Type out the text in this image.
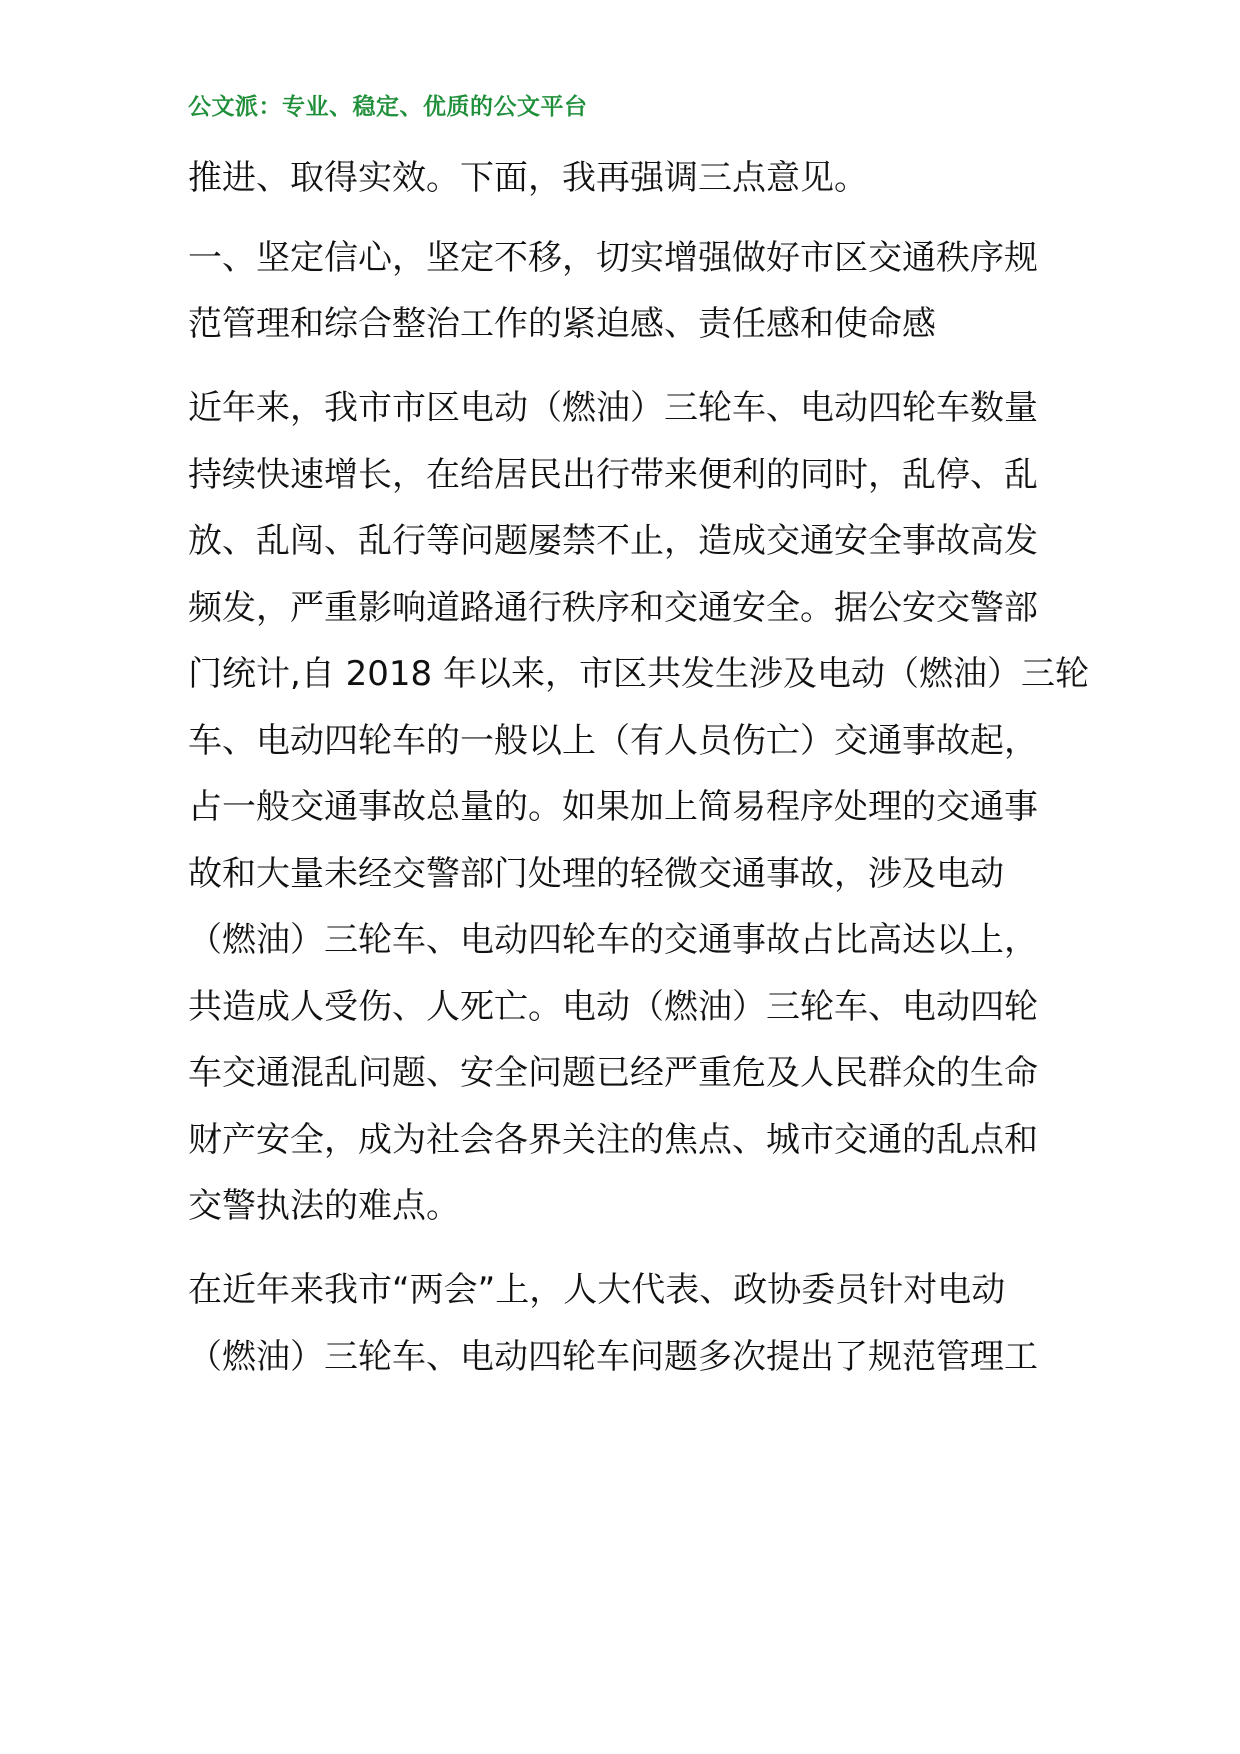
公文派：专业、稳定、优质的公文平台
推进、取得实效。下面，我再强调三点意见。
一、坚定信心，坚定不移，切实增强做好市区交通秩序规
范管理和综合整治工作的紧迫感、责任感和使命感
近年来，我市市区电动（燃油）三轮车、电动四轮车数量
持续快速增长，在给居民出行带来便利的同时，乱停、乱
放、乱闯、乱行等问题屡禁不止，造成交通安全事故高发
频发，严重影响道路通行秩序和交通安全。据公安交警部
门统计,自 2018 年以来，市区共发生涉及电动（燃油）三轮
车、电动四轮车的一般以上（有人员伤亡）交通事故起，
占一般交通事故总量的。如果加上简易程序处理的交通事
故和大量未经交警部门处理的轻微交通事故，涉及电动
（燃油）三轮车、电动四轮车的交通事故占比高达以上，
共造成人受伤、人死亡。电动（燃油）三轮车、电动四轮
车交通混乱问题、安全问题已经严重危及人民群众的生命
财产安全，成为社会各界关注的焦点、城市交通的乱点和
交警执法的难点。
在近年来我市“两会”上，人大代表、政协委员针对电动
（燃油）三轮车、电动四轮车问题多次提出了规范管理工
